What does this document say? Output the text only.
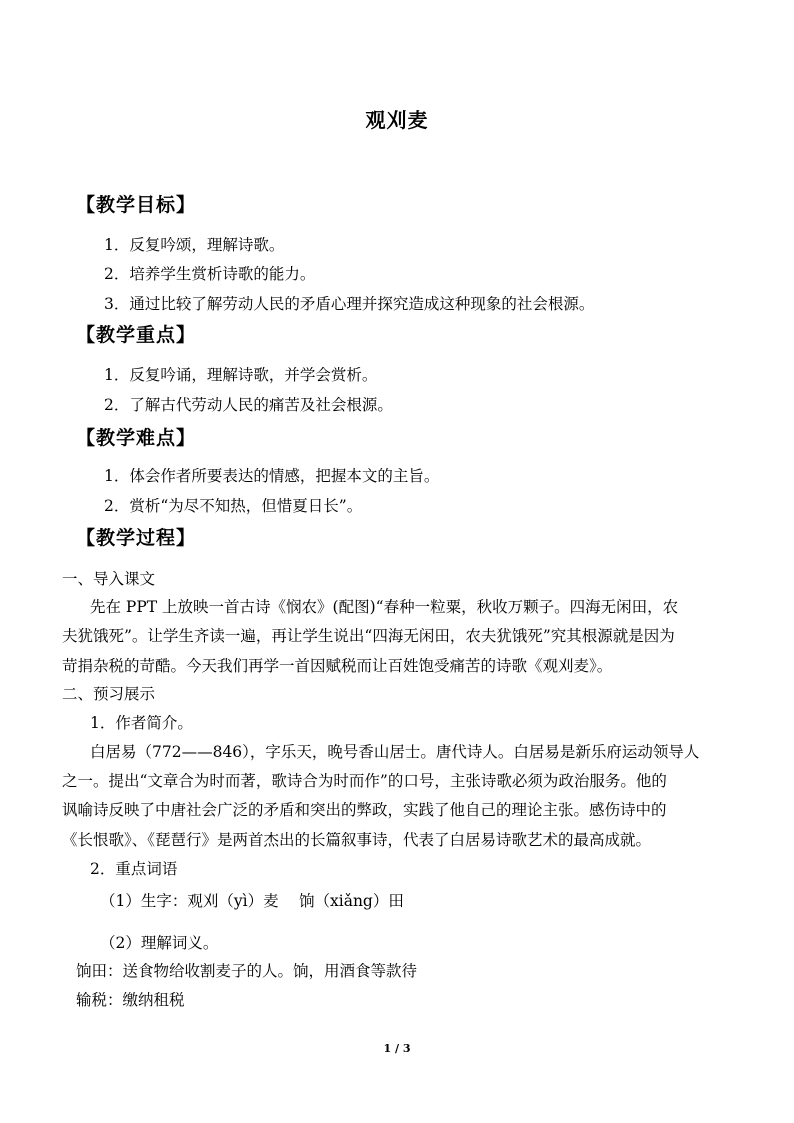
观刈麦
【教学目标】
1．反复吟颂，理解诗歌。
2．培养学生赏析诗歌的能力。
3．通过比较了解劳动人民的矛盾心理并探究造成这种现象的社会根源。
【教学重点】
1．反复吟诵，理解诗歌，并学会赏析。
2．了解古代劳动人民的痛苦及社会根源。
【教学难点】
1．体会作者所要表达的情感，把握本文的主旨。
2．赏析“为尽不知热，但惜夏日长”。
【教学过程】
一、导入课文
先在 PPT 上放映一首古诗《悯农》(配图)“春种一粒粟，秋收万颗子。四海无闲田，农
夫犹饿死”。让学生齐读一遍，再让学生说出“四海无闲田，农夫犹饿死”究其根源就是因为
苛捐杂税的苛酷。今天我们再学一首因赋税而让百姓饱受痛苦的诗歌《观刈麦》。
二、预习展示
1．作者简介。
白居易（772——846），字乐天，晚号香山居士。唐代诗人。白居易是新乐府运动领导人
之一。提出“文章合为时而著，歌诗合为时而作”的口号，主张诗歌必须为政治服务。他的
讽喻诗反映了中唐社会广泛的矛盾和突出的弊政，实践了他自己的理论主张。感伤诗中的
《长恨歌》、《琵琶行》是两首杰出的长篇叙事诗，代表了白居易诗歌艺术的最高成就。
2．重点词语
（1）生字：观刈（yì）麦　 饷（xiǎng）田
（2）理解词义。
饷田：送食物给收割麦子的人。饷，用酒食等款待
输税：缴纳租税
1 / 3
